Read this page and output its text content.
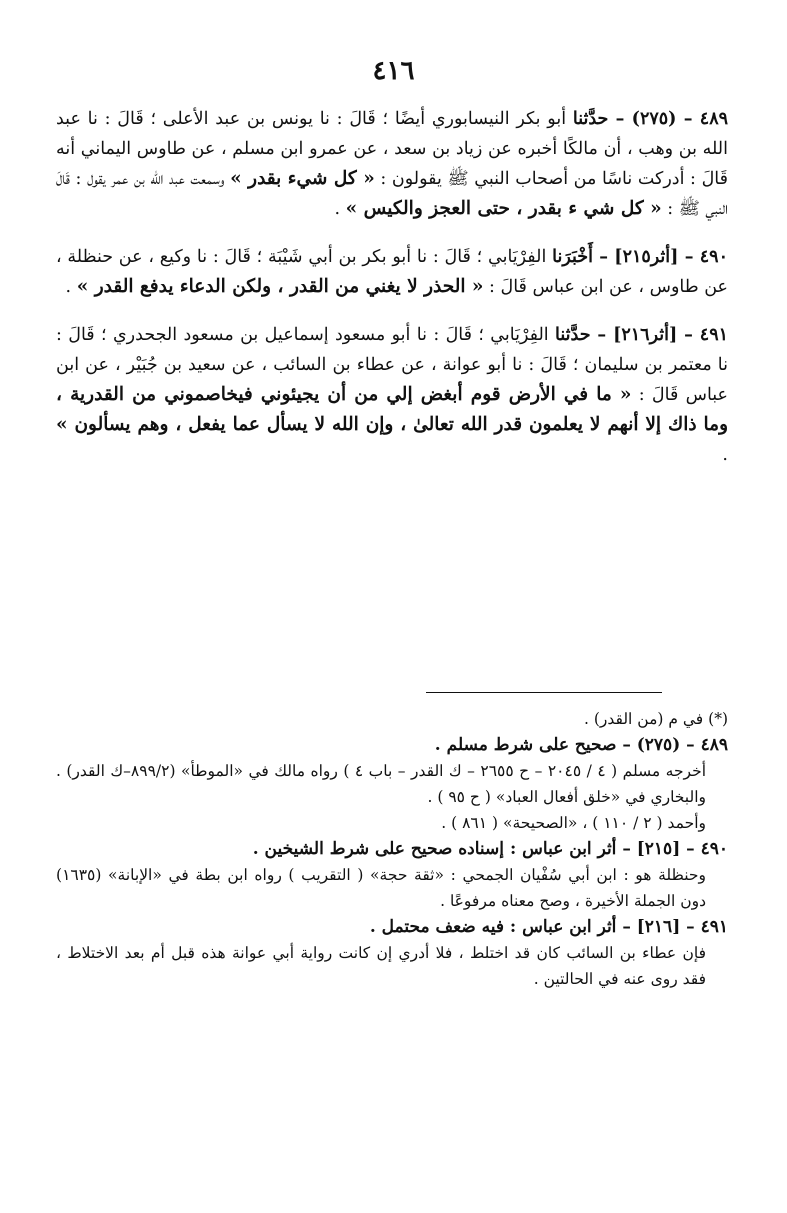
٤١٦

٤٨٩ – (٢٧٥) – حدَّثنا أبو بكر النيسابوري أيضًا ؛ قَالَ : نا يونس بن عبد الأعلى ؛ قَالَ : نا عبد الله بن وهب ، أن مالكًا أخبره عن زياد بن سعد ، عن عمرو ابن مسلم ، عن طاوس اليماني أنه قَالَ : أدركت ناسًا من أصحاب النبي ﷺ يقولون : « كل شيء بقدر » وسمعت عبد الله بن عمر يقول : قَالَ النبي ﷺ : « كل شي ء بقدر ، حتى العجز والكيس » .

٤٩٠ – [أثر٢١٥] – أَخْبَرَنا الفِرْيَابي ؛ قَالَ : نا أبو بكر بن أبي شَيْبَة ؛ قَالَ : نا وكيع ، عن حنظلة ، عن طاوس ، عن ابن عباس قَالَ : « الحذر لا يغني من القدر ، ولكن الدعاء يدفع القدر » .

٤٩١ – [أثر٢١٦] – حدَّثنا الفِرْيَابي ؛ قَالَ : نا أبو مسعود إسماعيل بن مسعود الجحدري ؛ قَالَ : نا معتمر بن سليمان ؛ قَالَ : نا أبو عوانة ، عن عطاء بن السائب ، عن سعيد بن جُبَيْر ، عن ابن عباس قَالَ : « ما في الأرض قوم أبغض إلي من أن يجيئوني فيخاصموني من القدرية ، وما ذاك إلا أنهم لا يعلمون قدر الله تعالىٰ ، وإن الله لا يسأل عما يفعل ، وهم يسألون » .

(*) في م (من القدر) .
٤٨٩ – (٢٧٥) – صحيح على شرط مسلم .
أخرجه مسلم ( ٤ / ٢٠٤٥ – ح ٢٦٥٥ – ك القدر – باب ٤ ) رواه مالك في «الموطأ» (٨٩٩/٢–ك القدر) . والبخاري في «خلق أفعال العباد» ( ح ٩٥ ) .
وأحمد ( ٢ / ١١٠ ) ، «الصحيحة» ( ٨٦١ ) .
٤٩٠ – [٢١٥] – أثر ابن عباس : إسناده صحيح على شرط الشيخين .
وحنظلة هو : ابن أبي سُفْيان الجمحي : «ثقة حجة» ( التقريب ) رواه ابن بطة في «الإبانة» (١٦٣٥) دون الجملة الأخيرة ، وصح معناه مرفوعًا .
٤٩١ – [٢١٦] – أثر ابن عباس : فيه ضعف محتمل .
فإن عطاء بن السائب كان قد اختلط ، فلا أدري إن كانت رواية أبي عوانة هذه قبل أم بعد الاختلاط ، فقد روى عنه في الحالتين .
